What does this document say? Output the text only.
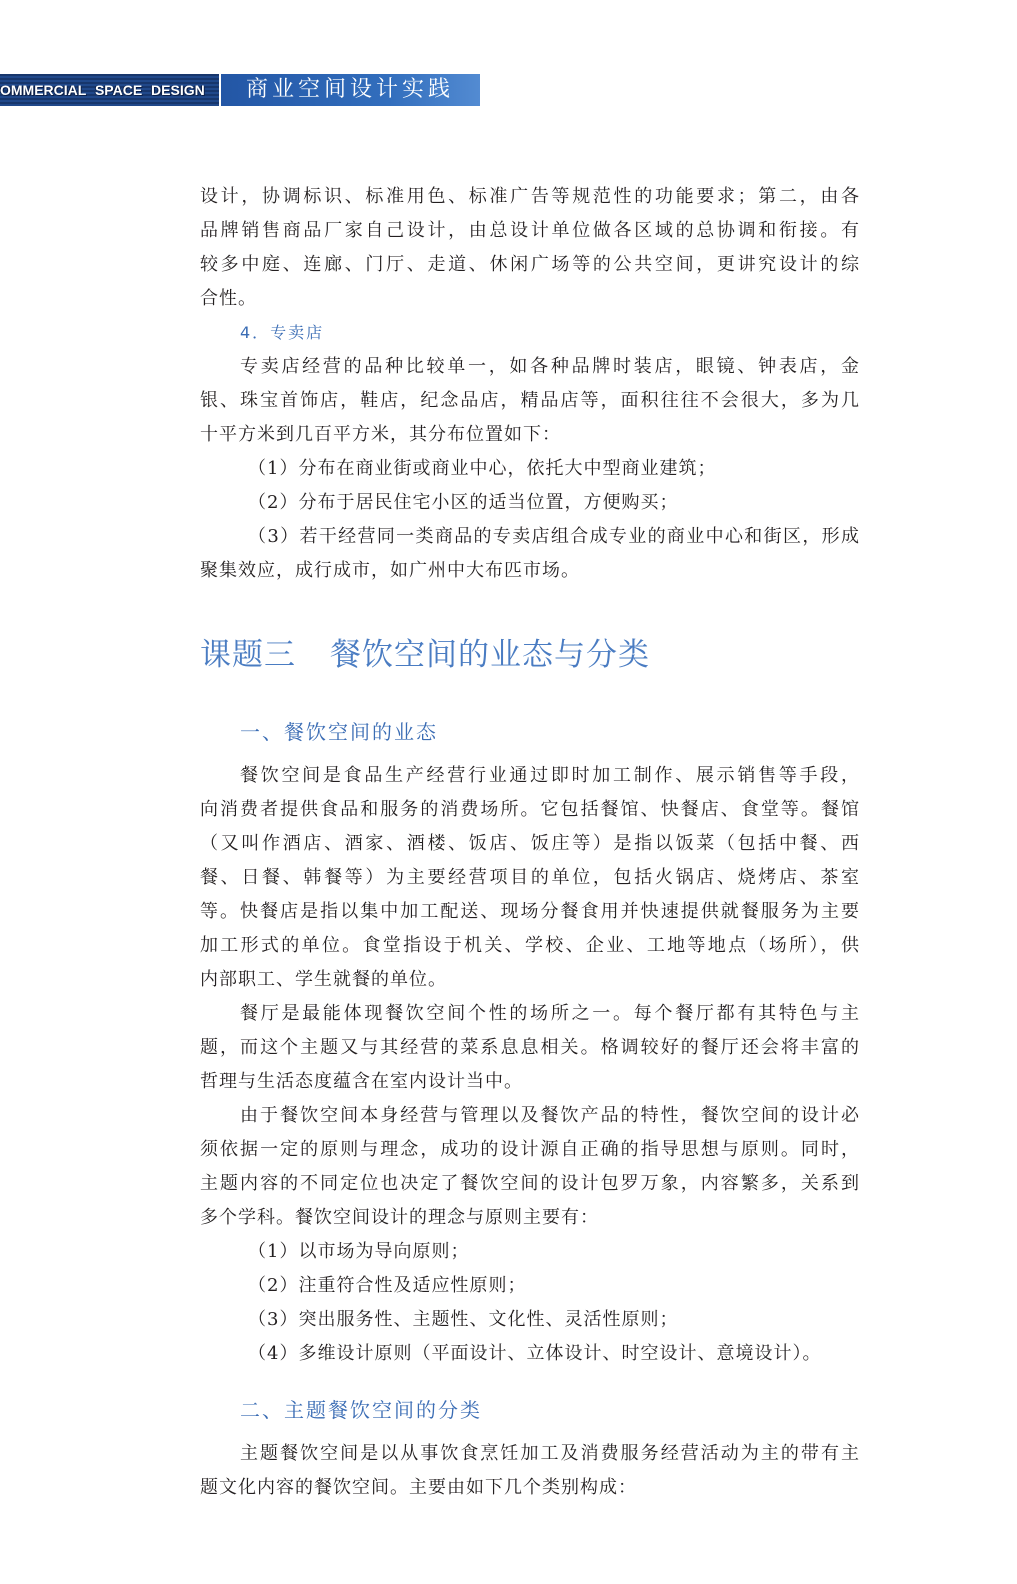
OMMERCIAL SPACE DESIGN 商业空间设计实践
设计，协调标识、标准用色、标准广告等规范性的功能要求；第二，由各
品牌销售商品厂家自己设计，由总设计单位做各区域的总协调和衔接。有
较多中庭、连廊、门厅、走道、休闲广场等的公共空间，更讲究设计的综
合性。
4．专卖店
专卖店经营的品种比较单一，如各种品牌时装店，眼镜、钟表店，金
银、珠宝首饰店，鞋店，纪念品店，精品店等，面积往往不会很大，多为几
十平方米到几百平方米，其分布位置如下：
（1）分布在商业街或商业中心，依托大中型商业建筑；
（2）分布于居民住宅小区的适当位置，方便购买；
（3）若干经营同一类商品的专卖店组合成专业的商业中心和街区，形成
聚集效应，成行成市，如广州中大布匹市场。
课题三 餐饮空间的业态与分类
一、餐饮空间的业态
餐饮空间是食品生产经营行业通过即时加工制作、展示销售等手段，
向消费者提供食品和服务的消费场所。它包括餐馆、快餐店、食堂等。餐馆
（又叫作酒店、酒家、酒楼、饭店、饭庄等）是指以饭菜（包括中餐、西
餐、日餐、韩餐等）为主要经营项目的单位，包括火锅店、烧烤店、茶室
等。快餐店是指以集中加工配送、现场分餐食用并快速提供就餐服务为主要
加工形式的单位。食堂指设于机关、学校、企业、工地等地点（场所），供
内部职工、学生就餐的单位。
餐厅是最能体现餐饮空间个性的场所之一。每个餐厅都有其特色与主
题，而这个主题又与其经营的菜系息息相关。格调较好的餐厅还会将丰富的
哲理与生活态度蕴含在室内设计当中。
由于餐饮空间本身经营与管理以及餐饮产品的特性，餐饮空间的设计必
须依据一定的原则与理念，成功的设计源自正确的指导思想与原则。同时，
主题内容的不同定位也决定了餐饮空间的设计包罗万象，内容繁多，关系到
多个学科。餐饮空间设计的理念与原则主要有：
（1）以市场为导向原则；
（2）注重符合性及适应性原则；
（3）突出服务性、主题性、文化性、灵活性原则；
（4）多维设计原则（平面设计、立体设计、时空设计、意境设计）。
二、主题餐饮空间的分类
主题餐饮空间是以从事饮食烹饪加工及消费服务经营活动为主的带有主
题文化内容的餐饮空间。主要由如下几个类别构成：
